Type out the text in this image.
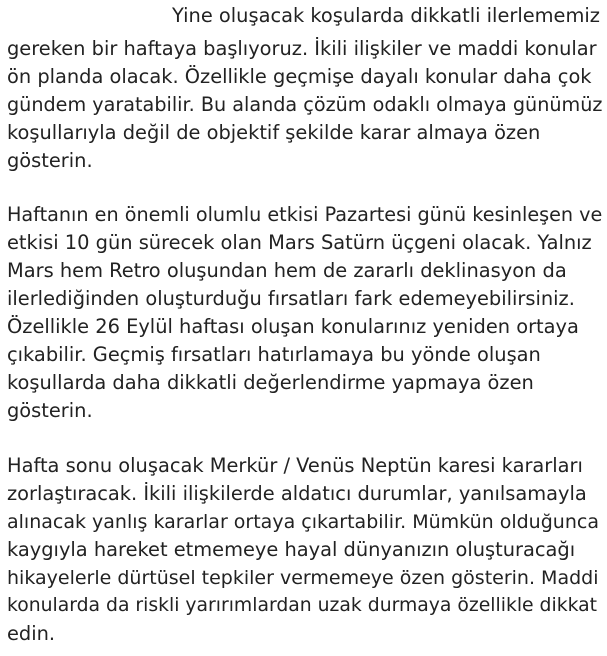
Yine oluşacak koşularda dikkatli ilerlememiz

gereken bir haftaya başlıyoruz. İkili ilişkiler ve maddi konular

ön planda olacak. Özellikle geçmişe dayalı konular daha çok

gündem yaratabilir. Bu alanda çözüm odaklı olmaya günümüz

koşullarıyla değil de objektif şekilde karar almaya özen

gösterin.

Haftanın en önemli olumlu etkisi Pazartesi günü kesinleşen ve

etkisi 10 gün sürecek olan Mars Satürn üçgeni olacak. Yalnız

Mars hem Retro oluşundan hem de zararlı deklinasyon da

ilerlediğinden oluşturduğu fırsatları fark edemeyebilirsiniz.

Özellikle 26 Eylül haftası oluşan konularınız yeniden ortaya

çıkabilir. Geçmiş fırsatları hatırlamaya bu yönde oluşan

koşullarda daha dikkatli değerlendirme yapmaya özen

gösterin.

Hafta sonu oluşacak Merkür / Venüs Neptün karesi kararları

zorlaştıracak. İkili ilişkilerde aldatıcı durumlar, yanılsamayla

alınacak yanlış kararlar ortaya çıkartabilir. Mümkün olduğunca

kaygıyla hareket etmemeye hayal dünyanızın oluşturacağı

hikayelerle dürtüsel tepkiler vermemeye özen gösterin. Maddi

konularda da riskli yarırımlardan uzak durmaya özellikle dikkat

edin.
